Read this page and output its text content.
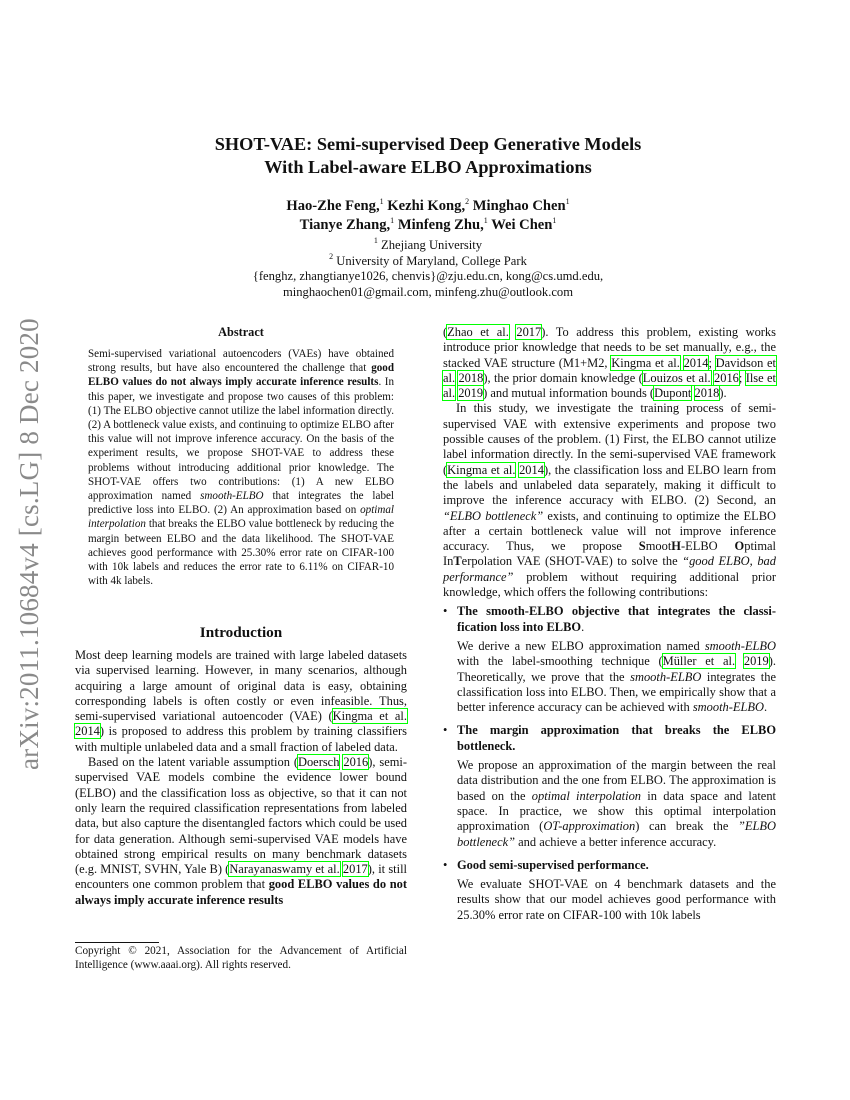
arXiv:2011.10684v4 [cs.LG] 8 Dec 2020
SHOT-VAE: Semi-supervised Deep Generative Models
With Label-aware ELBO Approximations
Hao-Zhe Feng,$^1$ Kezhi Kong,$^2$ Minghao Chen$^1$
Tianye Zhang,$^1$ Minfeng Zhu,$^1$ Wei Chen$^1$
$^1$ Zhejiang University
$^2$ University of Maryland, College Park
{fenghz, zhangtianye1026, chenvis}@zju.edu.cn, kong@cs.umd.edu,
minghaochen01@gmail.com, minfeng.zhu@outlook.com
Abstract

Semi-supervised variational autoencoders (VAEs) have obtained strong results, but have also encountered the challenge that good ELBO values do not always imply accurate inference results. In this paper, we investigate and propose two causes of this problem: (1) The ELBO objective cannot utilize the label information directly. (2) A bottleneck value exists, and continuing to optimize ELBO after this value will not improve inference accuracy. On the basis of the experiment results, we propose SHOT-VAE to address these problems without introducing additional prior knowledge. The SHOT-VAE offers two contributions: (1) A new ELBO approximation named smooth-ELBO that integrates the label predictive loss into ELBO. (2) An approximation based on optimal interpolation that breaks the ELBO value bottleneck by reducing the margin between ELBO and the data likelihood. The SHOT-VAE achieves good performance with 25.30% error rate on CIFAR-100 with 10k labels and reduces the error rate to 6.11% on CIFAR-10 with 4k labels.

Introduction

Most deep learning models are trained with large labeled datasets via supervised learning. However, in many scenarios, although acquiring a large amount of original data is easy, obtaining corresponding labels is often costly or even infeasible. Thus, semi-supervised variational autoencoder (VAE) (Kingma et al. 2014) is proposed to address this problem by training classifiers with multiple unlabeled data and a small fraction of labeled data.

Based on the latent variable assumption (Doersch 2016), semi-supervised VAE models combine the evidence lower bound (ELBO) and the classification loss as objective, so that it can not only learn the required classification representations from labeled data, but also capture the disentangled factors which could be used for data generation. Although semi-supervised VAE models have obtained strong empirical results on many benchmark datasets (e.g. MNIST, SVHN, Yale B) (Narayanaswamy et al. 2017), it still encounters one common problem that good ELBO values do not always imply accurate inference results

Copyright © 2021, Association for the Advancement of Artificial Intelligence (www.aaai.org). All rights reserved.

(Zhao et al. 2017). To address this problem, existing works introduce prior knowledge that needs to be set manually, e.g., the stacked VAE structure (M1+M2, Kingma et al. 2014; Davidson et al. 2018), the prior domain knowledge (Louizos et al. 2016; Ilse et al. 2019) and mutual information bounds (Dupont 2018).

In this study, we investigate the training process of semi-supervised VAE with extensive experiments and propose two possible causes of the problem. (1) First, the ELBO cannot utilize label information directly. In the semi-supervised VAE framework (Kingma et al. 2014), the classification loss and ELBO learn from the labels and unlabeled data separately, making it difficult to improve the inference accuracy with ELBO. (2) Second, an “ELBO bottleneck” exists, and continuing to optimize the ELBO after a certain bottleneck value will not improve inference accuracy. Thus, we propose SmootH-ELBO Optimal InTerpolation VAE (SHOT-VAE) to solve the “good ELBO, bad performance” problem without requiring additional prior knowledge, which offers the following contributions:

• The smooth-ELBO objective that integrates the classification loss into ELBO.

We derive a new ELBO approximation named smooth-ELBO with the label-smoothing technique (Müller et al. 2019). Theoretically, we prove that the smooth-ELBO integrates the classification loss into ELBO. Then, we empirically show that a better inference accuracy can be achieved with smooth-ELBO.

• The margin approximation that breaks the ELBO bottleneck.

We propose an approximation of the margin between the real data distribution and the one from ELBO. The approximation is based on the optimal interpolation in data space and latent space. In practice, we show this optimal interpolation approximation (OT-approximation) can break the ”ELBO bottleneck” and achieve a better inference accuracy.

• Good semi-supervised performance.

We evaluate SHOT-VAE on 4 benchmark datasets and the results show that our model achieves good performance with 25.30% error rate on CIFAR-100 with 10k labels
